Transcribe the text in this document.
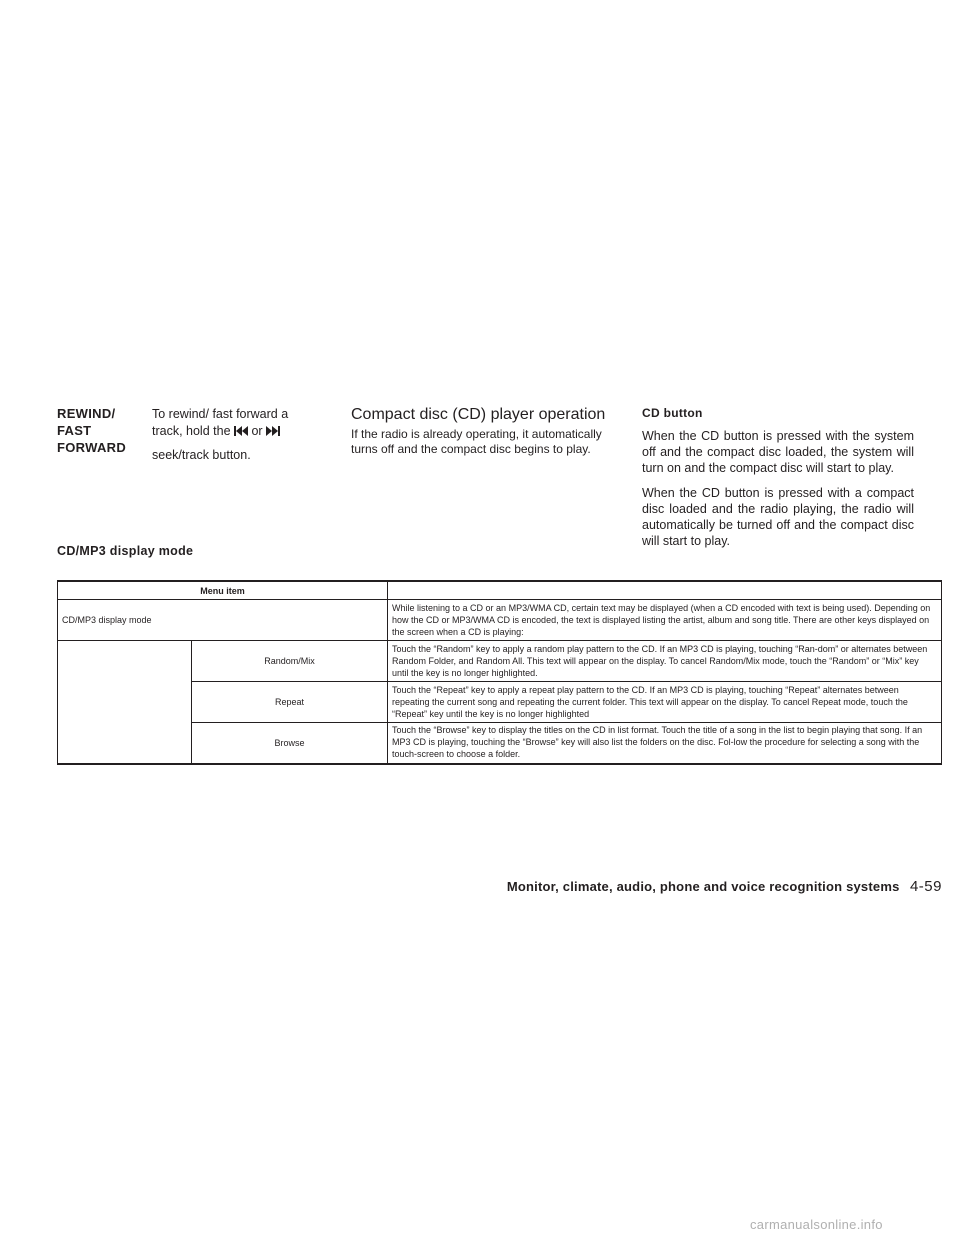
REWIND/
FAST
FORWARD
To rewind/ fast forward a
track, hold the or
seek/track button.
Compact disc (CD) player operation
If the radio is already operating, it automatically turns off and the compact disc begins to play.
CD button
When the CD button is pressed with the system off and the compact disc loaded, the system will turn on and the compact disc will start to play.
When the CD button is pressed with a compact disc loaded and the radio playing, the radio will automatically be turned off and the compact disc will start to play.
CD/MP3 display mode
Menu item		
CD/MP3 display mode		While listening to a CD or an MP3/WMA CD, certain text may be displayed (when a CD encoded with text is being used). Depending on how the CD or MP3/WMA CD is encoded, the text is displayed listing the artist, album and song title. There are other keys displayed on the screen when a CD is playing:
	Random/Mix	Touch the “Random” key to apply a random play pattern to the CD. If an MP3 CD is playing, touching “Ran-dom” or alternates between Random Folder, and Random All. This text will appear on the display. To cancel Random/Mix mode, touch the “Random” or “Mix” key until the key is no longer highlighted.
	Repeat	Touch the “Repeat” key to apply a repeat play pattern to the CD. If an MP3 CD is playing, touching “Repeat” alternates between repeating the current song and repeating the current folder. This text will appear on the display. To cancel Repeat mode, touch the “Repeat” key until the key is no longer highlighted
	Browse	Touch the “Browse” key to display the titles on the CD in list format. Touch the title of a song in the list to begin playing that song. If an MP3 CD is playing, touching the “Browse” key will also list the folders on the disc. Fol-low the procedure for selecting a song with the touch-screen to choose a folder.
Monitor, climate, audio, phone and voice recognition systems 4-59
carmanualsonline.info
